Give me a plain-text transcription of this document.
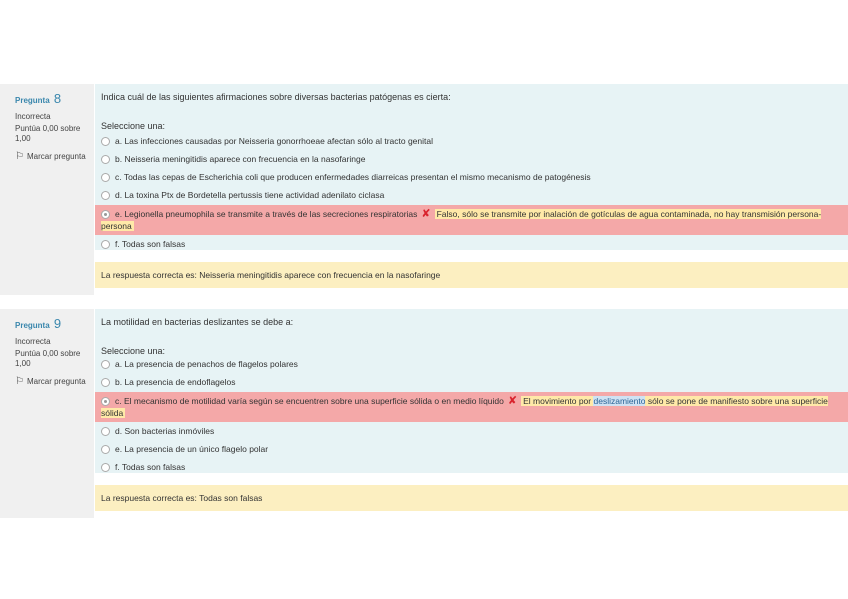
Pregunta 8
Incorrecta
Puntúa 0,00 sobre 1,00
⚐ Marcar pregunta
Indica cuál de las siguientes afirmaciones sobre diversas bacterias patógenas es cierta:
Seleccione una:
a. Las infecciones causadas por Neisseria gonorrhoeae afectan sólo al tracto genital
b. Neisseria meningitidis aparece con frecuencia en la nasofaringe
c. Todas las cepas de Escherichia coli que producen enfermedades diarreicas presentan el mismo mecanismo de patogénesis
d. La toxina Ptx de Bordetella pertussis tiene actividad adenilato ciclasa
e. Legionella pneumophila se transmite a través de las secreciones respiratorias ✘ Falso, sólo se transmite por inalación de gotículas de agua contaminada, no hay transmisión persona-persona
f. Todas son falsas
La respuesta correcta es: Neisseria meningitidis aparece con frecuencia en la nasofaringe
Pregunta 9
Incorrecta
Puntúa 0,00 sobre 1,00
⚐ Marcar pregunta
La motilidad en bacterias deslizantes se debe a:
Seleccione una:
a. La presencia de penachos de flagelos polares
b. La presencia de endoflagelos
c. El mecanismo de motilidad varía según se encuentren sobre una superficie sólida o en medio líquido ✘ El movimiento por deslizamiento sólo se pone de manifiesto sobre una superficie sólida
d. Son bacterias inmóviles
e. La presencia de un único flagelo polar
f. Todas son falsas
La respuesta correcta es: Todas son falsas
